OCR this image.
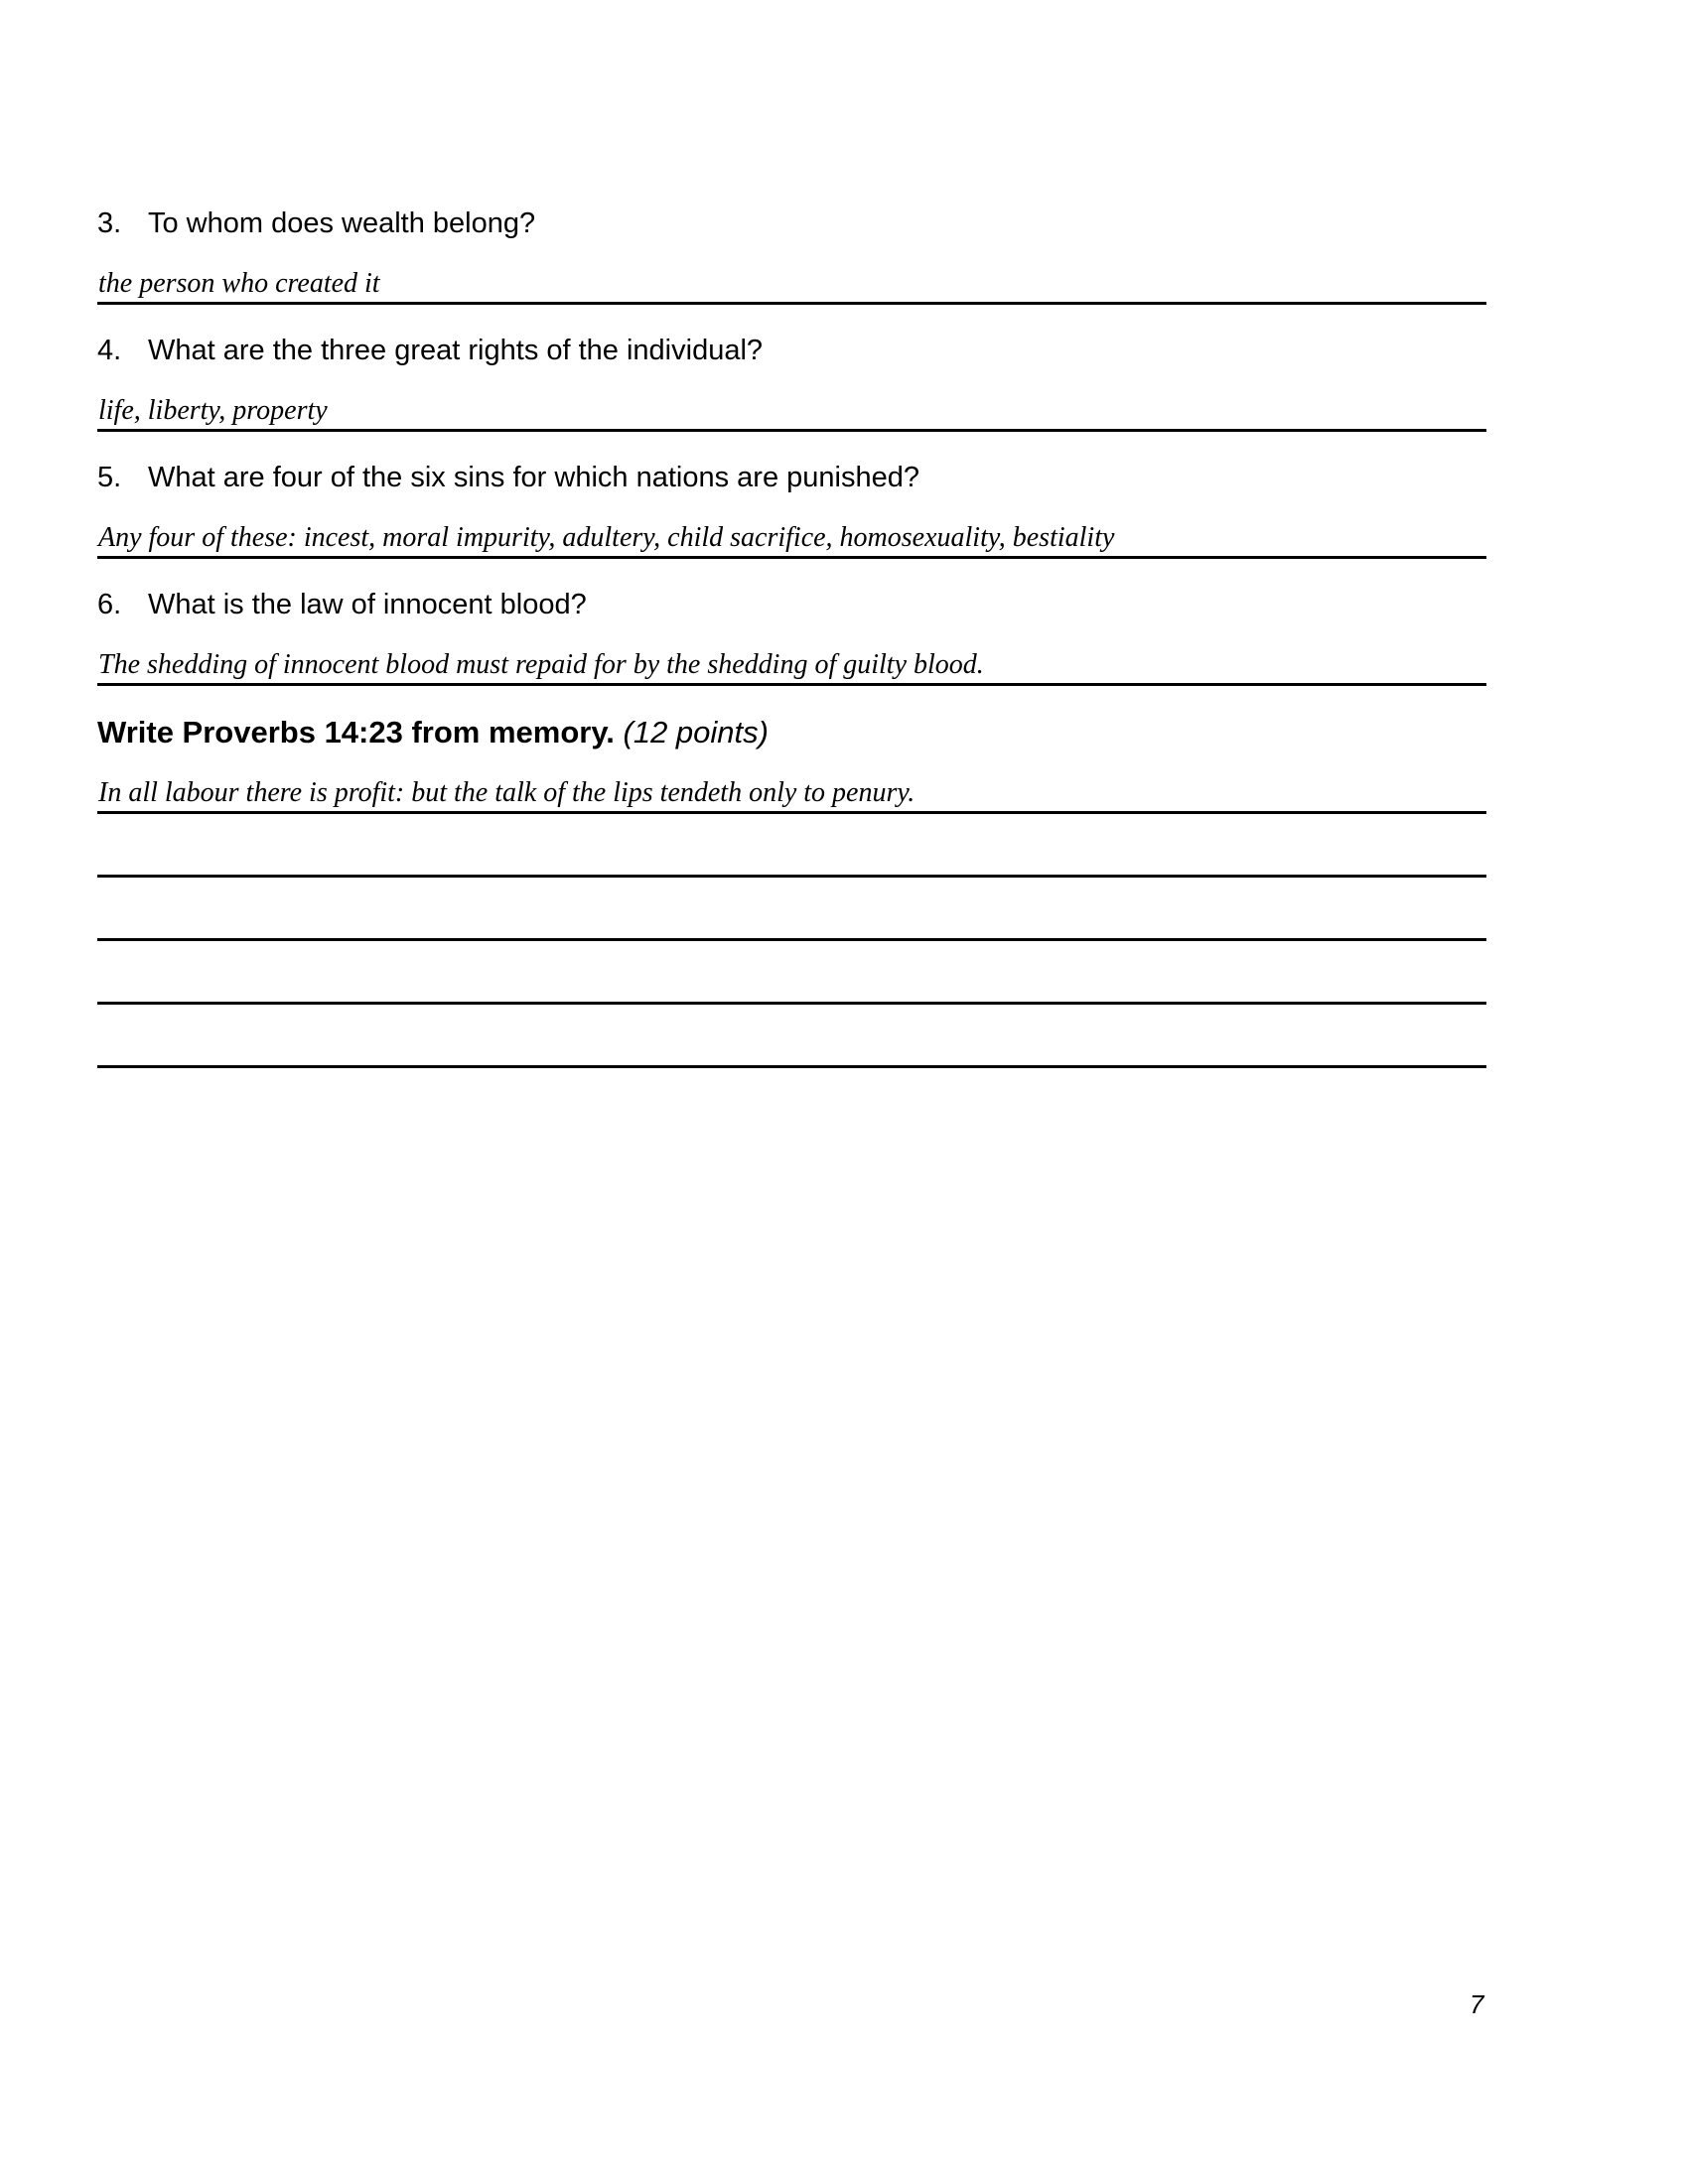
3. To whom does wealth belong?
the person who created it
4. What are the three great rights of the individual?
life, liberty, property
5. What are four of the six sins for which nations are punished?
Any four of these: incest, moral impurity, adultery, child sacrifice, homosexuality, bestiality
6. What is the law of innocent blood?
The shedding of innocent blood must repaid for by the shedding of guilty blood.
Write Proverbs 14:23 from memory. (12 points)
In all labour there is profit: but the talk of the lips tendeth only to penury.
7
